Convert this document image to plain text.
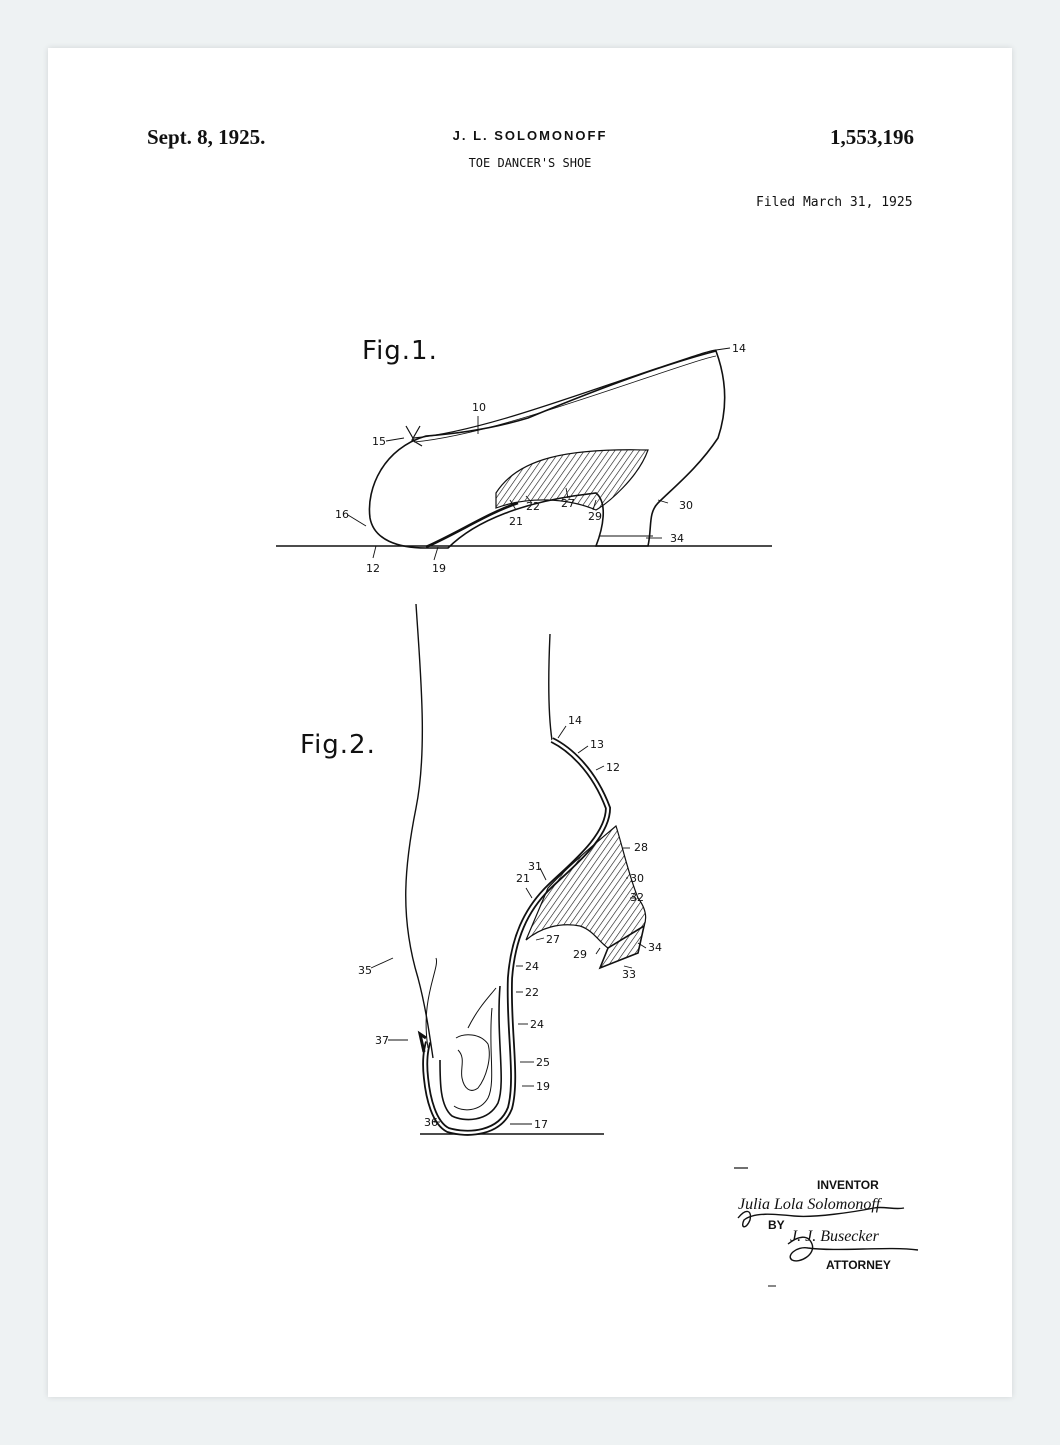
Sept. 8, 1925.	J. L. SOLOMONOFF
TOE DANCER'S SHOE
1,553,196
Filed March 31, 1925
Fig.1.	14
10
15
16
12	19
21
22 27
29
30
34
14
13
12
28
31
21	30
32
34
27
29
33
35	24
22
24
37
25
19
36	17
Fig.2.
INVENTOR
Julia Lola Solomonoff
BY
J. J. Busecker
ATTORNEY
